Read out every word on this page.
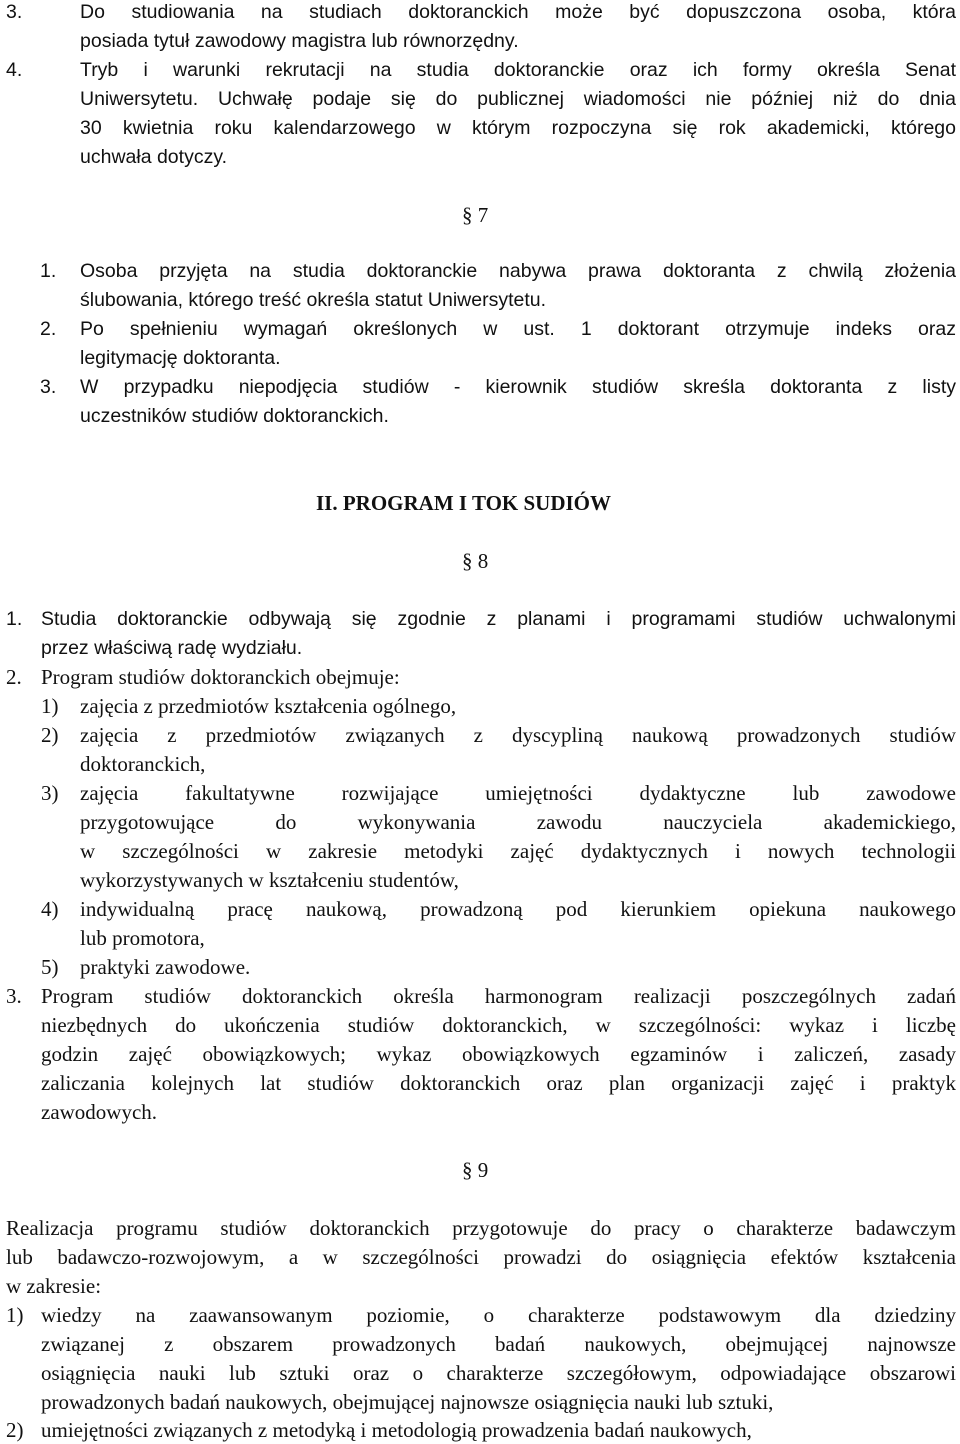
3.	Do studiowania na studiach doktoranckich może być dopuszczona osoba, która
posiada tytuł zawodowy magistra lub równorzędny.
4.	Tryb i warunki rekrutacji na studia doktoranckie oraz ich formy określa Senat
Uniwersytetu. Uchwałę podaje się do publicznej wiadomości nie później niż do dnia
30 kwietnia roku kalendarzowego w którym rozpoczyna się rok akademicki, którego
uchwała dotyczy.
§ 7
1. Osoba przyjęta na studia doktoranckie nabywa prawa doktoranta z chwilą złożenia
ślubowania, którego treść określa statut Uniwersytetu.
2. Po spełnieniu wymagań określonych w ust. 1 doktorant otrzymuje indeks oraz
legitymację doktoranta.
3. W przypadku niepodjęcia studiów - kierownik studiów skreśla doktoranta z listy
uczestników studiów doktoranckich.
II. PROGRAM I TOK SUDIÓW
§ 8
1. Studia doktoranckie odbywają się zgodnie z planami i programami studiów uchwalonymi
przez właściwą radę wydziału.
2. Program studiów doktoranckich obejmuje:
1) zajęcia z przedmiotów kształcenia ogólnego,
2) zajęcia z przedmiotów związanych z dyscypliną naukową prowadzonych studiów
doktoranckich,
3) zajęcia fakultatywne rozwijające umiejętności dydaktyczne lub zawodowe
przygotowujące do wykonywania zawodu nauczyciela akademickiego,
w szczególności w zakresie metodyki zajęć dydaktycznych i nowych technologii
wykorzystywanych w kształceniu studentów,
4) indywidualną pracę naukową, prowadzoną pod kierunkiem opiekuna naukowego
lub promotora,
5) praktyki zawodowe.
3. Program studiów doktoranckich określa harmonogram realizacji poszczególnych zadań
niezbędnych do ukończenia studiów doktoranckich, w szczególności: wykaz i liczbę
godzin zajęć obowiązkowych; wykaz obowiązkowych egzaminów i zaliczeń, zasady
zaliczania kolejnych lat studiów doktoranckich oraz plan organizacji zajęć i praktyk
zawodowych.
§ 9
Realizacja programu studiów doktoranckich przygotowuje do pracy o charakterze badawczym
lub badawczo-rozwojowym, a w szczególności prowadzi do osiągnięcia efektów kształcenia
w zakresie:
1) wiedzy na zaawansowanym poziomie, o charakterze podstawowym dla dziedziny
związanej z obszarem prowadzonych badań naukowych, obejmującej najnowsze
osiągnięcia nauki lub sztuki oraz o charakterze szczegółowym, odpowiadające obszarowi
prowadzonych badań naukowych, obejmującej najnowsze osiągnięcia nauki lub sztuki,
2) umiejętności związanych z metodyką i metodologią prowadzenia badań naukowych,
